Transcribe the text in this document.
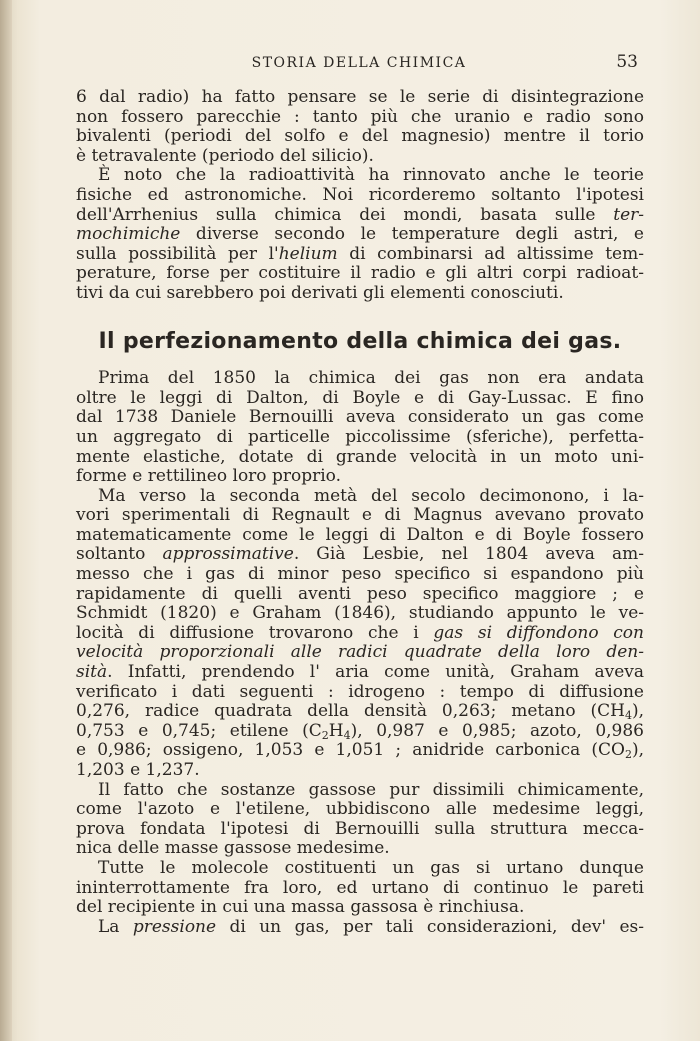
STORIA DELLA CHIMICA	53

6 dal radio) ha fatto pensare se le serie di disintegrazione
non fossero parecchie : tanto più che uranio e radio sono
bivalenti (periodi del solfo e del magnesio) mentre il torio
è tetravalente (periodo del silicio).

È noto che la radioattività ha rinnovato anche le teorie
fisiche ed astronomiche. Noi ricorderemo soltanto l'ipotesi
dell'Arrhenius sulla chimica dei mondi, basata sulle ter-
mochimiche diverse secondo le temperature degli astri, e
sulla possibilità per l'helium di combinarsi ad altissime tem-
perature, forse per costituire il radio e gli altri corpi radioat-
tivi da cui sarebbero poi derivati gli elementi conosciuti.

Il perfezionamento della chimica dei gas.

Prima del 1850 la chimica dei gas non era andata
oltre le leggi di Dalton, di Boyle e di Gay-Lussac. E fino
dal 1738 Daniele Bernouilli aveva considerato un gas come
un aggregato di particelle piccolissime (sferiche), perfetta-
mente elastiche, dotate di grande velocità in un moto uni-
forme e rettilineo loro proprio.

Ma verso la seconda metà del secolo decimonono, i la-
vori sperimentali di Regnault e di Magnus avevano provato
matematicamente come le leggi di Dalton e di Boyle fossero
soltanto approssimative. Già Lesbie, nel 1804 aveva am-
messo che i gas di minor peso specifico si espandono più
rapidamente di quelli aventi peso specifico maggiore ; e
Schmidt (1820) e Graham (1846), studiando appunto le ve-
locità di diffusione trovarono che i gas si diffondono con
velocità proporzionali alle radici quadrate della loro den-
sità. Infatti, prendendo l' aria come unità, Graham aveva
verificato i dati seguenti : idrogeno : tempo di diffusione
0,276, radice quadrata della densità 0,263; metano $(CH_4)$,
0,753 e 0,745; etilene $(C_2H_4)$, 0,987 e 0,985; azoto, 0,986
e 0,986; ossigeno, 1,053 e 1,051 ; anidride carbonica $(CO_2)$,
1,203 e 1,237.

Il fatto che sostanze gassose pur dissimili chimicamente,
come l'azoto e l'etilene, ubbidiscono alle medesime leggi,
prova fondata l'ipotesi di Bernouilli sulla struttura mecca-
nica delle masse gassose medesime.

Tutte le molecole costituenti un gas si urtano dunque
ininterrottamente fra loro, ed urtano di continuo le pareti
del recipiente in cui una massa gassosa è rinchiusa.

La pressione di un gas, per tali considerazioni, dev' es-
